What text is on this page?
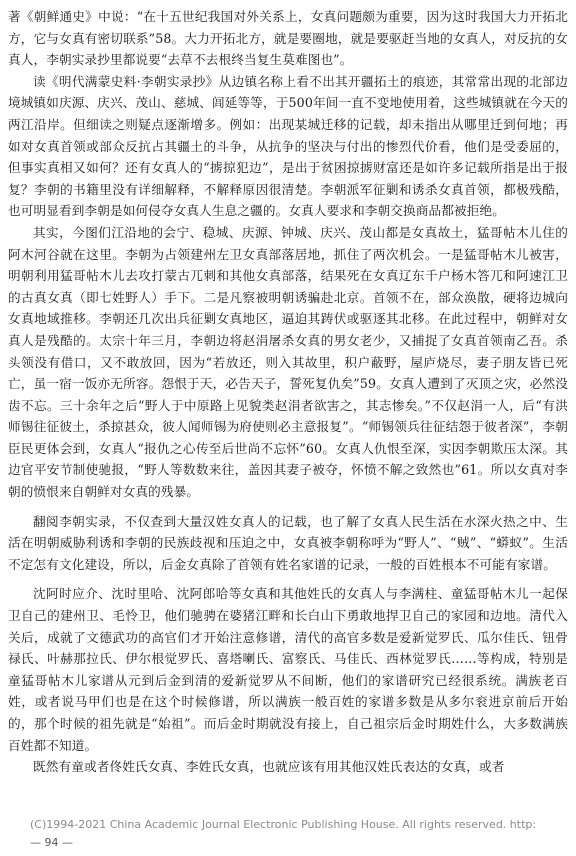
著《朝鲜通史》中说：“在十五世纪我国对外关系上，女真问题颇为重要，因为这时我国大力开拓北方，它与女真有密切联系”58。大力开拓北方，就是要圈地，就是要驱赶当地的女真人，对反抗的女真人，李朝实录抄里都说要“去草不去根终当复生莫难图也”。

读《明代满蒙史料·李朝实录抄》从边镇名称上看不出其开疆拓土的痕迹，其常常出现的北部边境城镇如庆源、庆兴、茂山、慈城、闾延等等，于500年间一直不变地使用着，这些城镇就在今天的两江沿岸。但细读之则疑点逐渐增多。例如：出现某城迁移的记载，却未指出从哪里迁到何地；再如对女真首领或部众反抗占其疆土的斗争，从抗争的坚决与付出的惨烈代价看，他们是受委屈的，但事实真相又如何？还有女真人的“掳掠犯边”，是出于贫困掠掳财富还是如许多记载所指是出于报复？李朝的书籍里没有详细解释，不解释原因很清楚。李朝派军征剿和诱杀女真首领，都极残酷，也可明显看到李朝是如何侵夺女真人生息之疆的。女真人要求和李朝交换商品都被拒绝。

其实，今图们江沿地的会宁、稳城、庆源、钟城、庆兴、茂山都是女真故土，猛哥帖木儿住的阿木河谷就在这里。李朝为占领建州左卫女真部落居地，抓住了两次机会。一是猛哥帖木儿被害，明朝利用猛哥帖木儿去攻打蒙古兀刺和其他女真部落，结果死在女真辽东千户杨木答兀和阿速江卫的古真女真（即七姓野人）手下。二是凡察被明朝诱骗赴北京。首领不在，部众涣散，硬将边城向女真地域推移。李朝还几次出兵征剿女真地区，逼迫其踌伏或驱逐其北移。在此过程中，朝鲜对女真人是残酷的。太宗十年三月，李朝边将赵涓屠杀女真的男女老少，又捕捉了女真首领南乙吾。杀头领没有借口，又不敢放回，因为“若放还，则入其故里，积户蔽野，屋庐烧尽，妻子朋友皆已死亡，虽一宿一饭亦无所容。怨恨于天，必告天子，誓死复仇矣”59。女真人遭到了灭顶之灾，必然没齿不忘。三十余年之后“野人于中原路上见貌类赵涓者欲害之，其志惨矣。”不仅赵涓一人，后“有洪师锡往征彼土，杀掠甚众，彼人闻师锡为府使则必主意报复”。“师锡领兵往征结怨于彼者深”，李朝臣民更体会到，女真人“报仇之心传至后世尚不忘怀”60。女真人仇恨至深，实因李朝欺压太深。其边官平安节制使驰报，“野人等数数来往，盖因其妻子被夺，怀愤不解之致然也”61。所以女真对李朝的愤恨来自朝鲜对女真的残暴。

翻阅李朝实录，不仅查到大量汉姓女真人的记载，也了解了女真人民生活在水深火热之中、生活在明朝威胁利诱和李朝的民族歧视和压迫之中，女真被李朝称呼为“野人”、“贼”、“蟒蚁”。生活不定怎有文化建设，所以，后金女真除了首领有姓名家谱的记录，一般的百姓根本不可能有家谱。

沈阿时应介、沈时里哈、沈阿郎哈等女真和其他姓氏的女真人与李满柱、童猛哥帖木儿一起保卫自己的建州卫、毛怜卫，他们驰骋在婆猪江畔和长白山下勇敢地捍卫自己的家园和边地。清代入关后，成就了文德武功的高官们才开始注意修谱，清代的高官多数是爱新觉罗氏、瓜尔佳氏、钮骨禄氏、叶赫那拉氏、伊尔根觉罗氏、喜塔喇氏、富察氏、马佳氏、西林觉罗氏……等构成，特别是童猛哥帖木儿家谱从元到后金到清的爱新觉罗从不间断，他们的家谱研究已经很系统。满族老百姓，或者说马甲们也是在这个时候修谱，所以满族一般百姓的家谱多数是从多尔衮进京前后开始的，那个时候的祖先就是“始祖”。而后金时期就没有接上，自己祖宗后金时期姓什么，大多数满族百姓都不知道。

既然有童或者佟姓氏女真、李姓氏女真，也就应该有用其他汉姓氏表达的女真，或者

(C)1994-2021 China Academic Journal Electronic Publishing House. All rights reserved. http:
— 94 —
